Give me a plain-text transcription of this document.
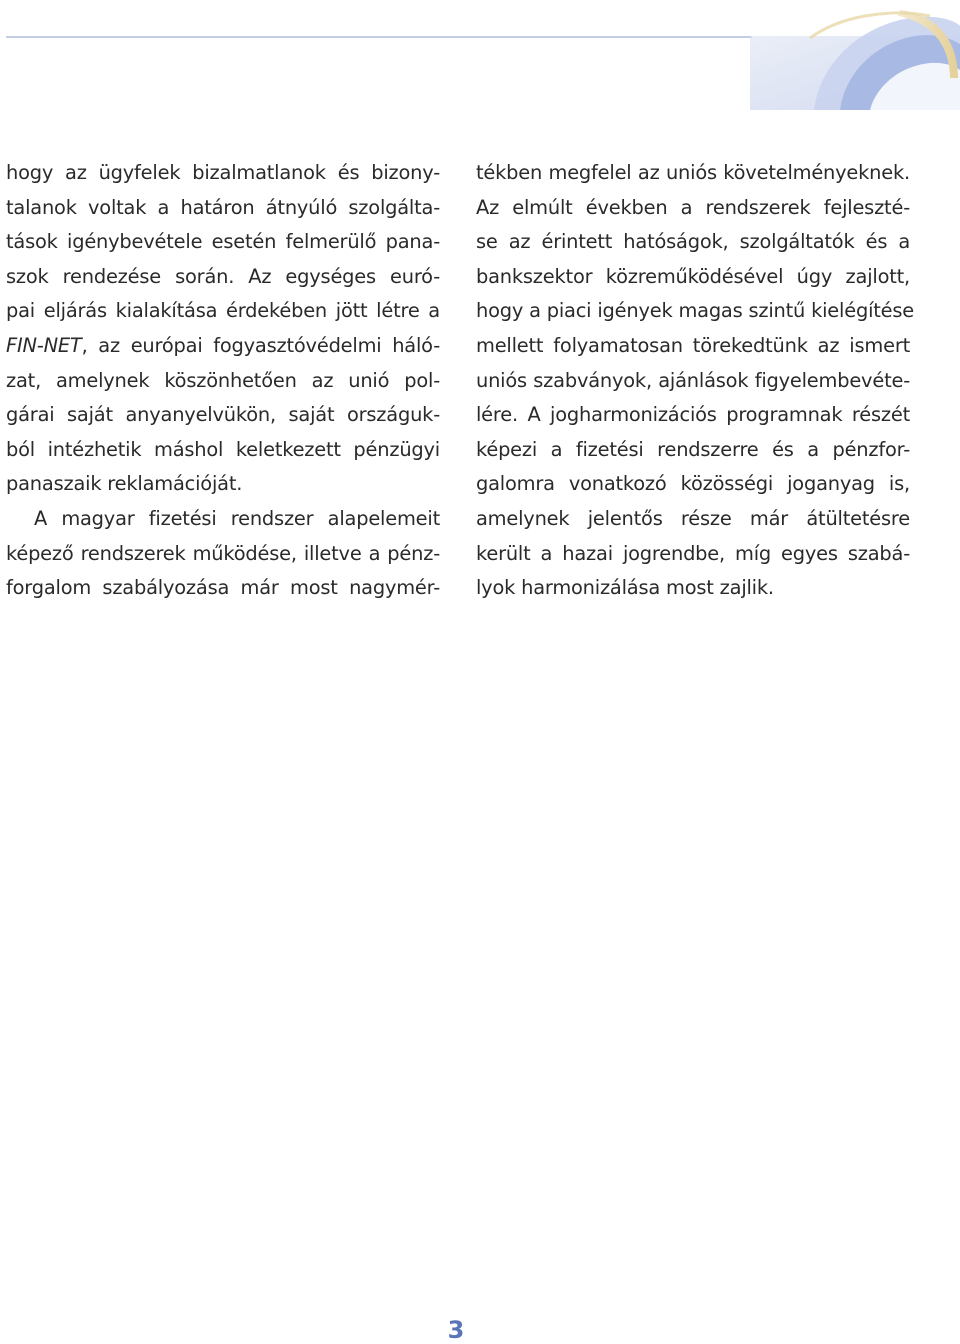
hogy az ügyfelek bizalmatlanok és bizony-
talanok voltak a határon átnyúló szolgálta-
tások igénybevétele esetén felmerülő pana-
szok rendezése során. Az egységes euró-
pai eljárás kialakítása érdekében jött létre a
FIN-NET, az európai fogyasztóvédelmi háló-
zat, amelynek köszönhetően az unió pol-
gárai saját anyanyelvükön, saját országuk-
ból intézhetik máshol keletkezett pénzügyi
panaszaik reklamációját.
A magyar fizetési rendszer alapelemeit
képező rendszerek működése, illetve a pénz-
forgalom szabályozása már most nagymér-
tékben megfelel az uniós követelményeknek.
Az elmúlt években a rendszerek fejleszté-
se az érintett hatóságok, szolgáltatók és a
bankszektor közreműködésével úgy zajlott,
hogy a piaci igények magas szintű kielégítése
mellett folyamatosan törekedtünk az ismert
uniós szabványok, ajánlások figyelembevéte-
lére. A jogharmonizációs programnak részét
képezi a fizetési rendszerre és a pénzfor-
galomra vonatkozó közösségi joganyag is,
amelynek jelentős része már átültetésre
került a hazai jogrendbe, míg egyes szabá-
lyok harmonizálása most zajlik.
3
